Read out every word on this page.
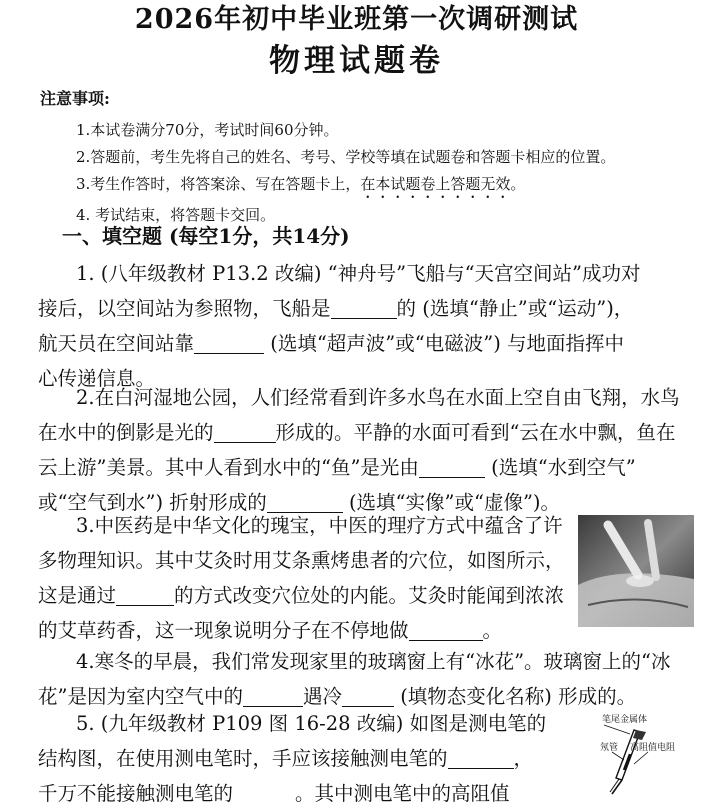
2026年初中毕业班第一次调研测试
物理试题卷
注意事项:
1.本试卷满分70分，考试时间60分钟。
2.答题前，考生先将自己的姓名、考号、学校等填在试题卷和答题卡相应的位置。
3.考生作答时，将答案涂、写在答题卡上，在本试题卷上答题无效。
4. 考试结束，将答题卡交回。
一、填空题 (每空1分，共14分)

1. (八年级教材 P13.2 改编) “神舟号”飞船与“天宫空间站”成功对

接后，以空间站为参照物，飞船是	的 (选填“静止”或“运动”)，

航天员在空间站靠	(选填“超声波”或“电磁波”) 与地面指挥中

心传递信息。

2.在白河湿地公园，人们经常看到许多水鸟在水面上空自由飞翔，水鸟

在水中的倒影是光的	形成的。平静的水面可看到“云在水中飘，鱼在

云上游”美景。其中人看到水中的“鱼”是光由	(选填“水到空气”

或“空气到水”) 折射形成的	(选填“实像”或“虚像”)。

3.中医药是中华文化的瑰宝，中医的理疗方式中蕴含了许

多物理知识。其中艾灸时用艾条熏烤患者的穴位，如图所示，

这是通过	的方式改变穴位处的内能。艾灸时能闻到浓浓

的艾草药香，这一现象说明分子在不停地做	。

4.寒冬的早晨，我们常发现家里的玻璃窗上有“冰花”。玻璃窗上的“冰

花”是因为室内空气中的	遇冷	(填物态变化名称) 形成的。

5. (九年级教材 P109 图 16-28 改编) 如图是测电笔的

结构图，在使用测电笔时，手应该接触测电笔的	，

千万不能接触测电笔的	。其中测电笔中的高阻值

笔尾金属体
氖管 高阻值电阻
